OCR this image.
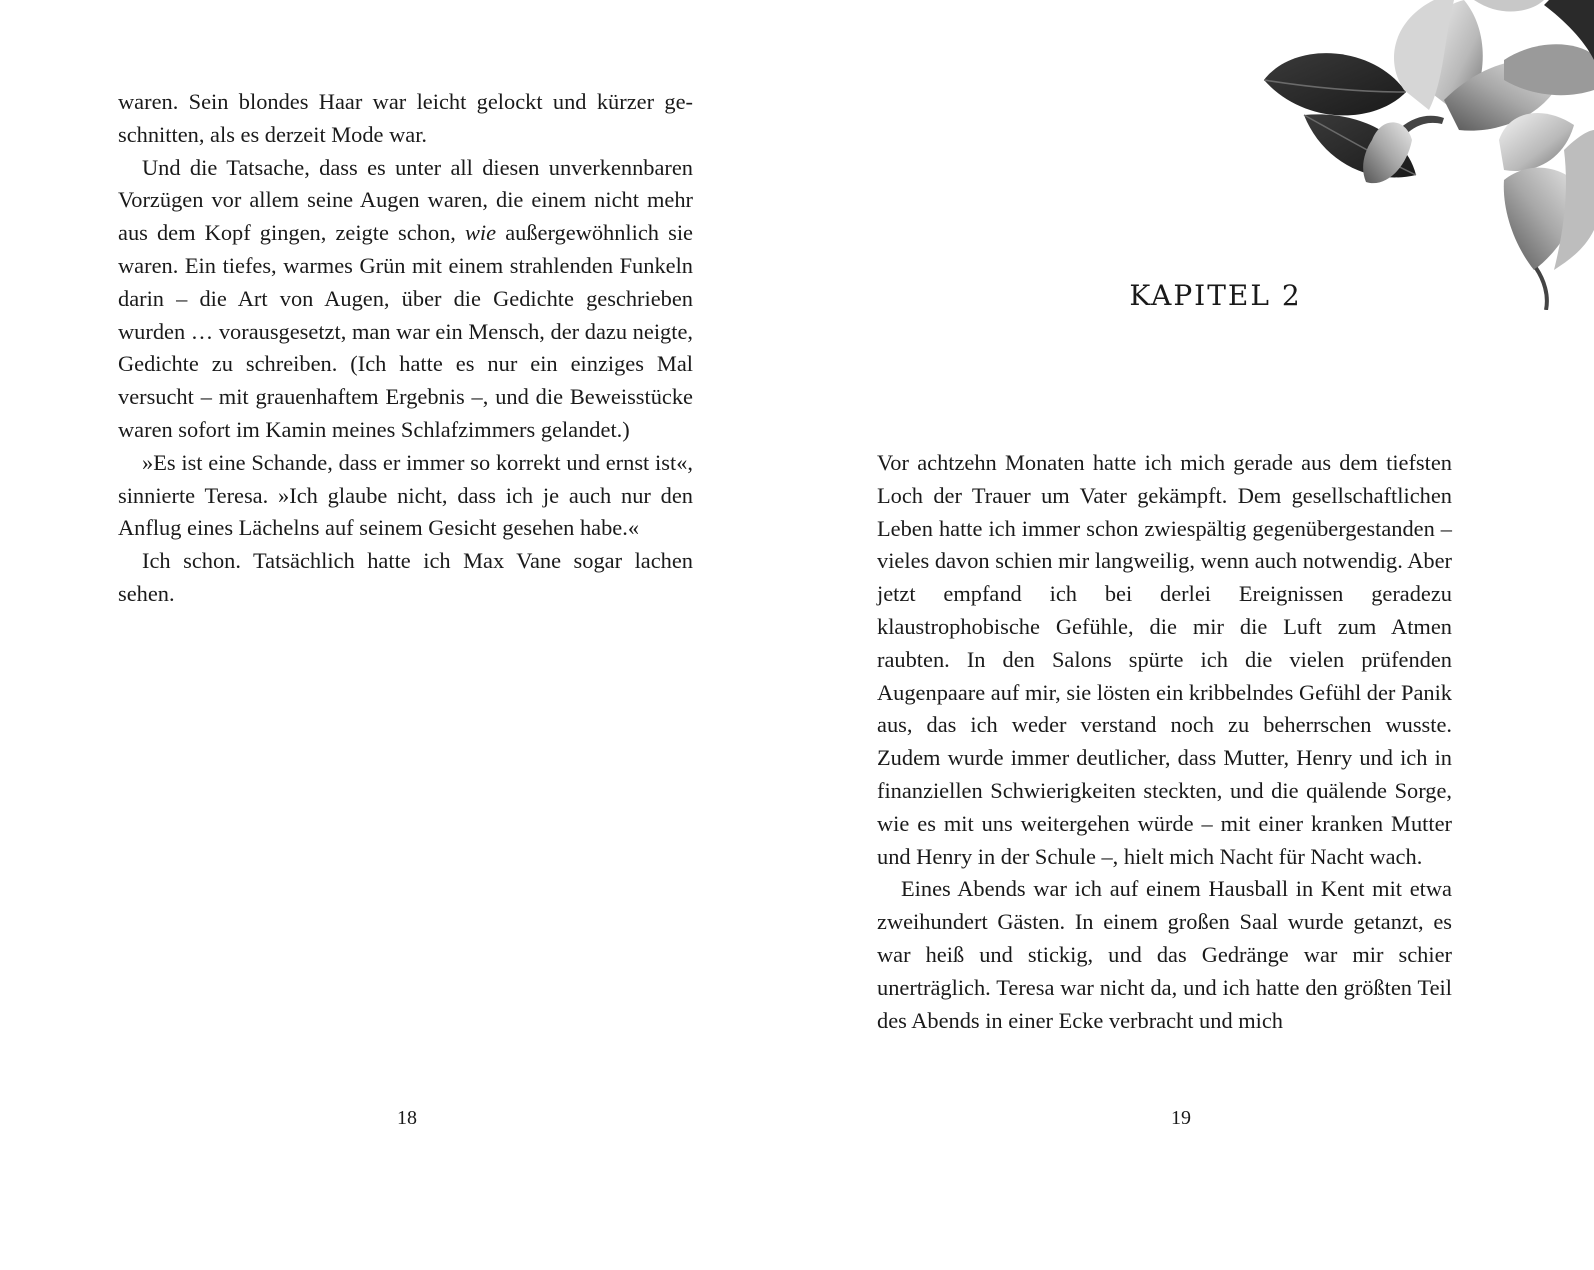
waren. Sein blondes Haar war leicht gelockt und kürzer geschnitten, als es derzeit Mode war.

Und die Tatsache, dass es unter all diesen unverkennbaren Vorzügen vor allem seine Augen waren, die einem nicht mehr aus dem Kopf gingen, zeigte schon, wie außergewöhnlich sie waren. Ein tiefes, warmes Grün mit einem strahlenden Funkeln darin – die Art von Augen, über die Gedichte geschrieben wurden … vorausgesetzt, man war ein Mensch, der dazu neigte, Gedichte zu schreiben. (Ich hatte es nur ein einziges Mal versucht – mit grauenhaftem Ergebnis –, und die Beweisstücke waren sofort im Kamin meines Schlafzimmers gelandet.)

»Es ist eine Schande, dass er immer so korrekt und ernst ist«, sinnierte Teresa. »Ich glaube nicht, dass ich je auch nur den Anflug eines Lächelns auf seinem Gesicht gesehen habe.«

Ich schon. Tatsächlich hatte ich Max Vane sogar lachen sehen.

18
KAPITEL 2

Vor achtzehn Monaten hatte ich mich gerade aus dem tiefsten Loch der Trauer um Vater gekämpft. Dem gesellschaftlichen Leben hatte ich immer schon zwiespältig gegenübergestanden – vieles davon schien mir langweilig, wenn auch notwendig. Aber jetzt empfand ich bei derlei Ereignissen geradezu klaustrophobische Gefühle, die mir die Luft zum Atmen raubten. In den Salons spürte ich die vielen prüfenden Augenpaare auf mir, sie lösten ein kribbelndes Gefühl der Panik aus, das ich weder verstand noch zu beherrschen wusste. Zudem wurde immer deutlicher, dass Mutter, Henry und ich in finanziellen Schwierigkeiten steckten, und die quälende Sorge, wie es mit uns weitergehen würde – mit einer kranken Mutter und Henry in der Schule –, hielt mich Nacht für Nacht wach.

Eines Abends war ich auf einem Hausball in Kent mit etwa zweihundert Gästen. In einem großen Saal wurde getanzt, es war heiß und stickig, und das Gedränge war mir schier unerträglich. Teresa war nicht da, und ich hatte den größten Teil des Abends in einer Ecke verbracht und mich

19
